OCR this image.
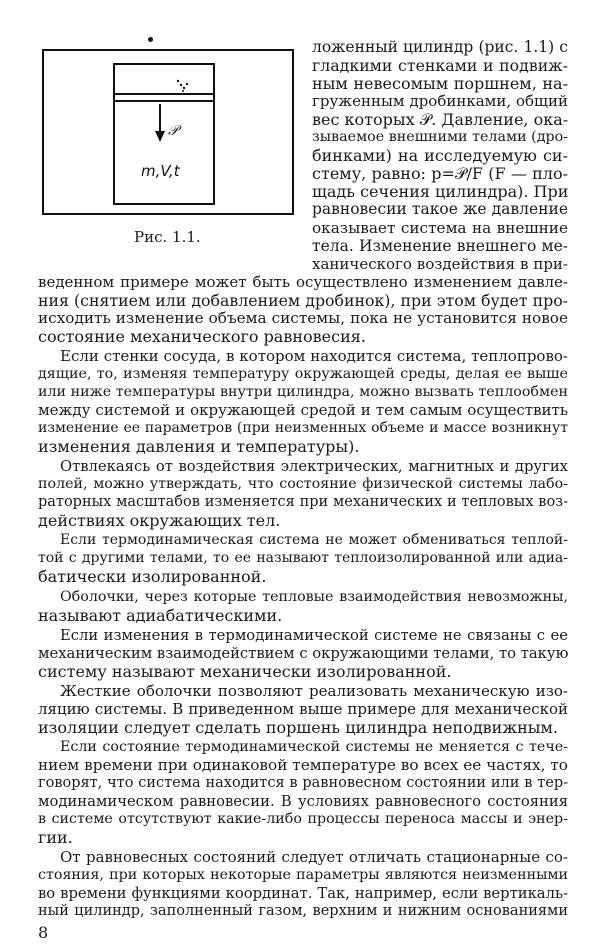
𝒫
m,V,t
Рис. 1.1.
ложенный цилиндр (рис. 1.1) с
гладкими стенками и подвиж-
ным невесомым поршнем, на-
груженным дробинками, общий
вес которых 𝒫. Давление, ока-
зываемое внешними телами (дро-
бинками) на исследуемую си-
стему, равно: p=𝒫/F (F — пло-
щадь сечения цилиндра). При
равновесии такое же давление
оказывает система на внешние
тела. Изменение внешнего ме-
ханического воздействия в при-
веденном примере может быть осуществлено изменением давле-
ния (снятием или добавлением дробинок), при этом будет про-
исходить изменение объема системы, пока не установится новое
состояние механического равновесия.
Если стенки сосуда, в котором находится система, теплопрово-
дящие, то, изменяя температуру окружающей среды, делая ее выше
или ниже температуры внутри цилиндра, можно вызвать теплообмен
между системой и окружающей средой и тем самым осуществить
изменение ее параметров (при неизменных объеме и массе возникнут
изменения давления и температуры).
Отвлекаясь от воздействия электрических, магнитных и других
полей, можно утверждать, что состояние физической системы лабо-
раторных масштабов изменяется при механических и тепловых воз-
действиях окружающих тел.
Если термодинамическая система не может обмениваться теплой-
той с другими телами, то ее называют теплоизолированной или адиа-
батически изолированной.
Оболочки, через которые тепловые взаимодействия невозможны,
называют адиабатическими.
Если изменения в термодинамической системе не связаны с ее
механическим взаимодействием с окружающими телами, то такую
систему называют механически изолированной.
Жесткие оболочки позволяют реализовать механическую изо-
ляцию системы. В приведенном выше примере для механической
изоляции следует сделать поршень цилиндра неподвижным.
Если состояние термодинамической системы не меняется с тече-
нием времени при одинаковой температуре во всех ее частях, то
говорят, что система находится в равновесном состоянии или в тер-
модинамическом равновесии. В условиях равновесного состояния
в системе отсутствуют какие-либо процессы переноса массы и энер-
гии.
От равновесных состояний следует отличать стационарные со-
стояния, при которых некоторые параметры являются неизменными
во времени функциями координат. Так, например, если вертикаль-
ный цилиндр, заполненный газом, верхним и нижним основаниями
8
